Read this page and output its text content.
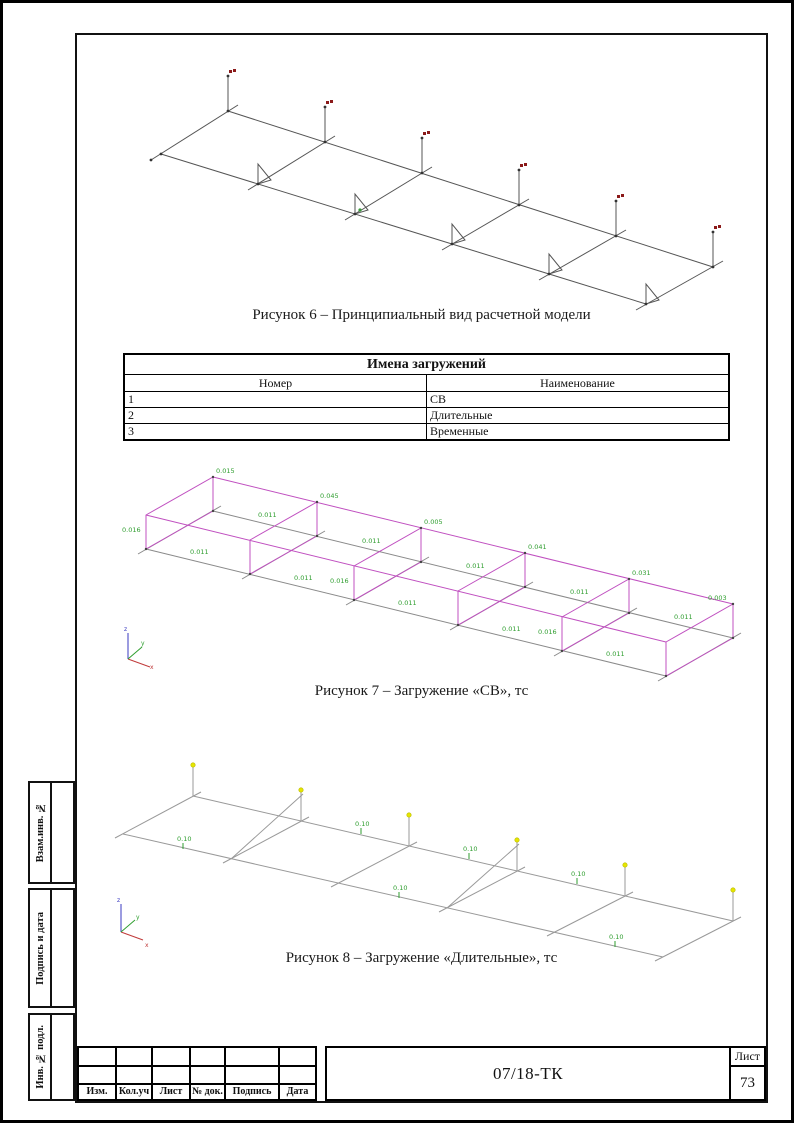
Взам.инв. №
Подпись и дата
Инв. № подл.
Рисунок 6 – Принципиальный вид расчетной модели
Имена загружений	
Номер	Наименование
1	СВ
2	Длительные
3	Временные
0.011
0.011
0.011
0.011
0.011
0.011
0.011
0.011
0.011
0.011
0.015
0.045
0.005
0.041
0.031
0.003
0.016
0.016
0.016
z
y
x
Рисунок 7 – Загружение «СВ», тс
0.10
0.10
0.10
0.10
0.10
0.10
z
y
x
Рисунок 8 – Загружение «Длительные», тс

Изм.	Кол.уч	Лист	№ док.	Подпись	Дата
07/18-ТК
Лист
73
